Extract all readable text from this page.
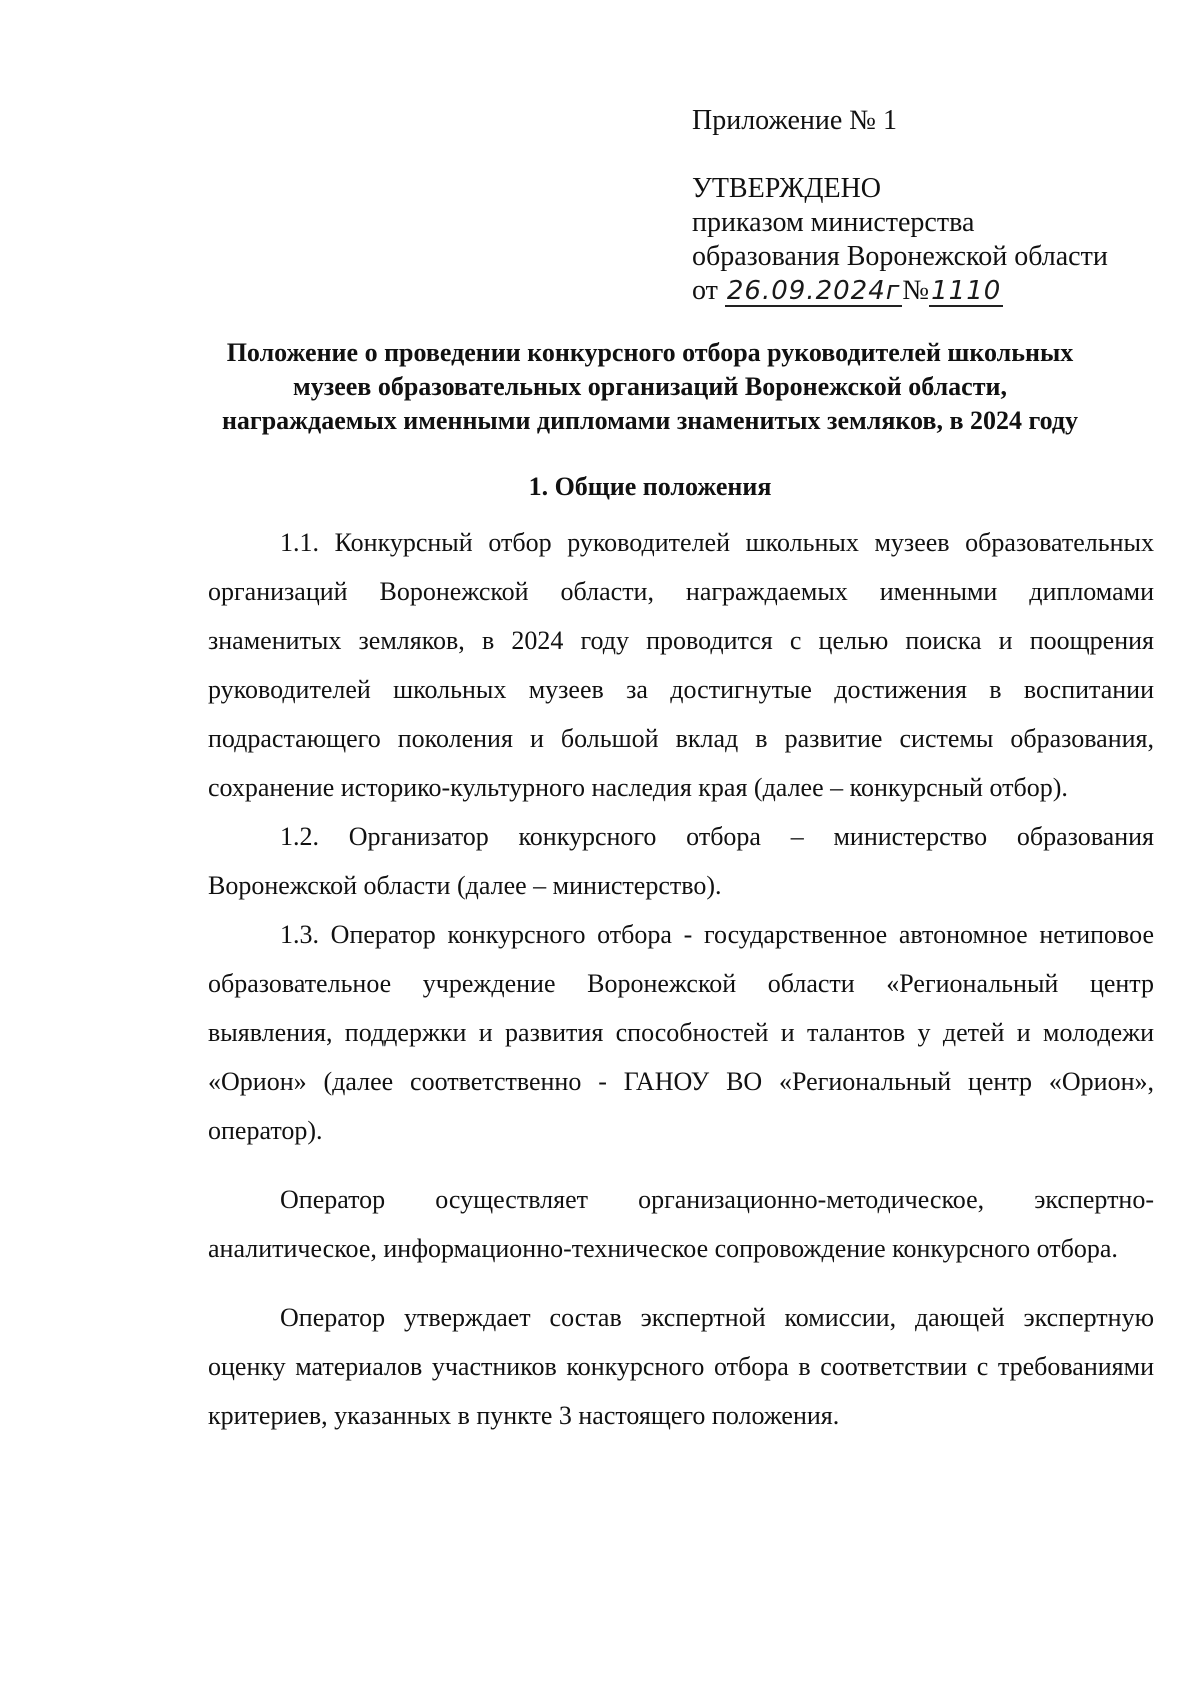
Приложение № 1
УТВЕРЖДЕНО
приказом министерства
образования Воронежской области
от 26.09.2024г№1110
Положение о проведении конкурсного отбора руководителей школьных
музеев образовательных организаций Воронежской области,
награждаемых именными дипломами знаменитых земляков, в 2024 году
1. Общие положения

1.1. Конкурсный отбор руководителей школьных музеев образовательных организаций Воронежской области, награждаемых именными дипломами знаменитых земляков, в 2024 году проводится с целью поиска и поощрения руководителей школьных музеев за достигнутые достижения в воспитании подрастающего поколения и большой вклад в развитие системы образования, сохранение историко-культурного наследия края (далее – конкурсный отбор).

1.2. Организатор конкурсного отбора – министерство образования Воронежской области (далее – министерство).

1.3. Оператор конкурсного отбора - государственное автономное нетиповое образовательное учреждение Воронежской области «Региональный центр выявления, поддержки и развития способностей и талантов у детей и молодежи «Орион» (далее соответственно - ГАНОУ ВО «Региональный центр «Орион», оператор).

Оператор осуществляет организационно-методическое, экспертно-аналитическое, информационно-техническое сопровождение конкурсного отбора.

Оператор утверждает состав экспертной комиссии, дающей экспертную оценку материалов участников конкурсного отбора в соответствии с требованиями критериев, указанных в пункте 3 настоящего положения.
